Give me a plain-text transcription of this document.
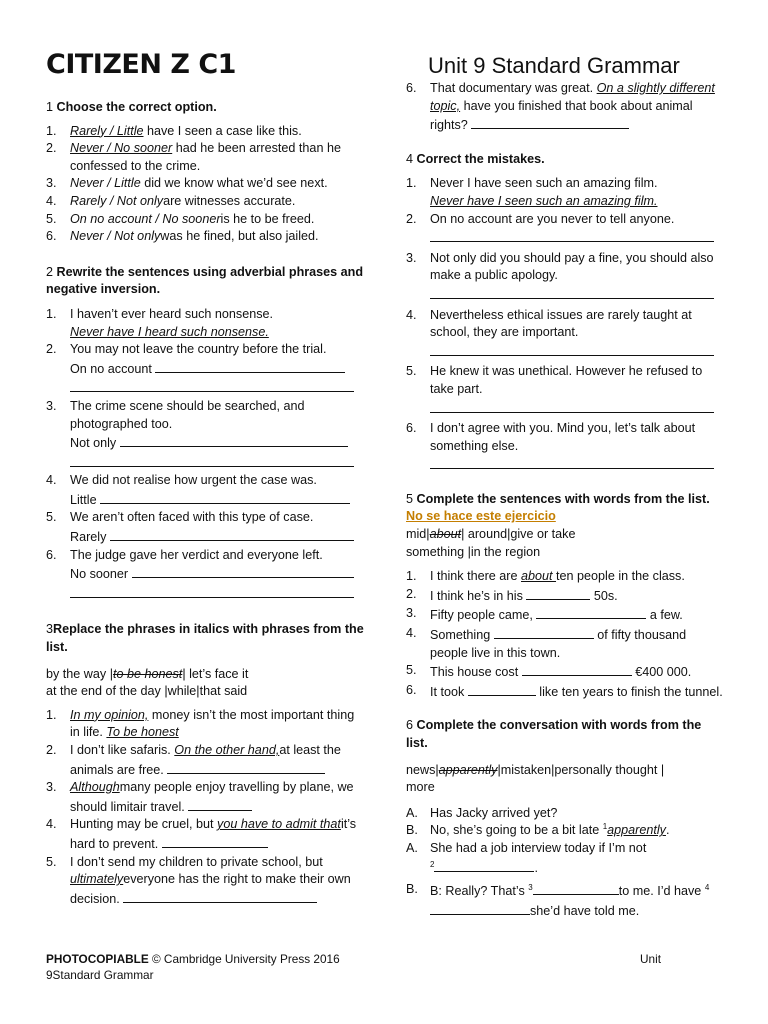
CITIZEN Z C1	Unit 9 Standard Grammar

1 Choose the correct option.

1. Rarely / Little have I seen a case like this.
2. Never / No sooner had he been arrested than he confessed to the crime.
3. Never / Little did we know what we’d see next.
4. Rarely / Not onlyare witnesses accurate.
5. On no account / No sooneris he to be freed.
6. Never / Not onlywas he fined, but also jailed.

2 Rewrite the sentences using adverbial phrases and negative inversion.

1. I haven’t ever heard such nonsense.
Never have I heard such nonsense.
2. You may not leave the country before the trial.
On no account

3. The crime scene should be searched, and photographed too.
Not only

4. We did not realise how urgent the case was.
Little
5. We aren’t often faced with this type of case.
Rarely
6. The judge gave her verdict and everyone left.
No sooner

3Replace the phrases in italics with phrases from the list.

by the way |to be honest| let’s face it
at the end of the day |while|that said

1. In my opinion, money isn’t the most important thing in life. To be honest
2. I don’t like safaris. On the other hand,at least the animals are free.
3. Althoughmany people enjoy travelling by plane, we should limitair travel.
4. Hunting may be cruel, but you have to admit thatit’s hard to prevent.
5. I don’t send my children to private school, but ultimatelyeveryone has the right to make their own decision.
6. That documentary was great. On a slightly different topic, have you finished that book about animal rights?

4 Correct the mistakes.

1. Never I have seen such an amazing film.
Never have I seen such an amazing film.
2. On no account are you never to tell anyone.

3. Not only did you should pay a fine, you should also make a public apology.

4. Nevertheless ethical issues are rarely taught at school, they are important.

5. He knew it was unethical. However he refused to take part.

6. I don’t agree with you. Mind you, let’s talk about something else.

5 Complete the sentences with words from the list. No se hace este ejercicio

mid|about| around|give or take
something |in the region

1. I think there are about ten people in the class.
2. I think he’s in his	50s.
3. Fifty people came,	a few.
4. Something	of fifty thousand people live in this town.
5. This house cost	€400 000.
6. It took	like ten years to finish the tunnel.

6 Complete the conversation with words from the list.

news|apparently|mistaken|personally thought |
more

A. Has Jacky arrived yet?
B. No, she’s going to be a bit late $^1$apparently.
A. She had a job interview today if I’m not
$^2$	.
B. B: Really? That’s $^3$	to me. I’d have $^4$she’d have told me.
PHOTOCOPIABLE © Cambridge University Press 2016
9Standard Grammar
Unit
